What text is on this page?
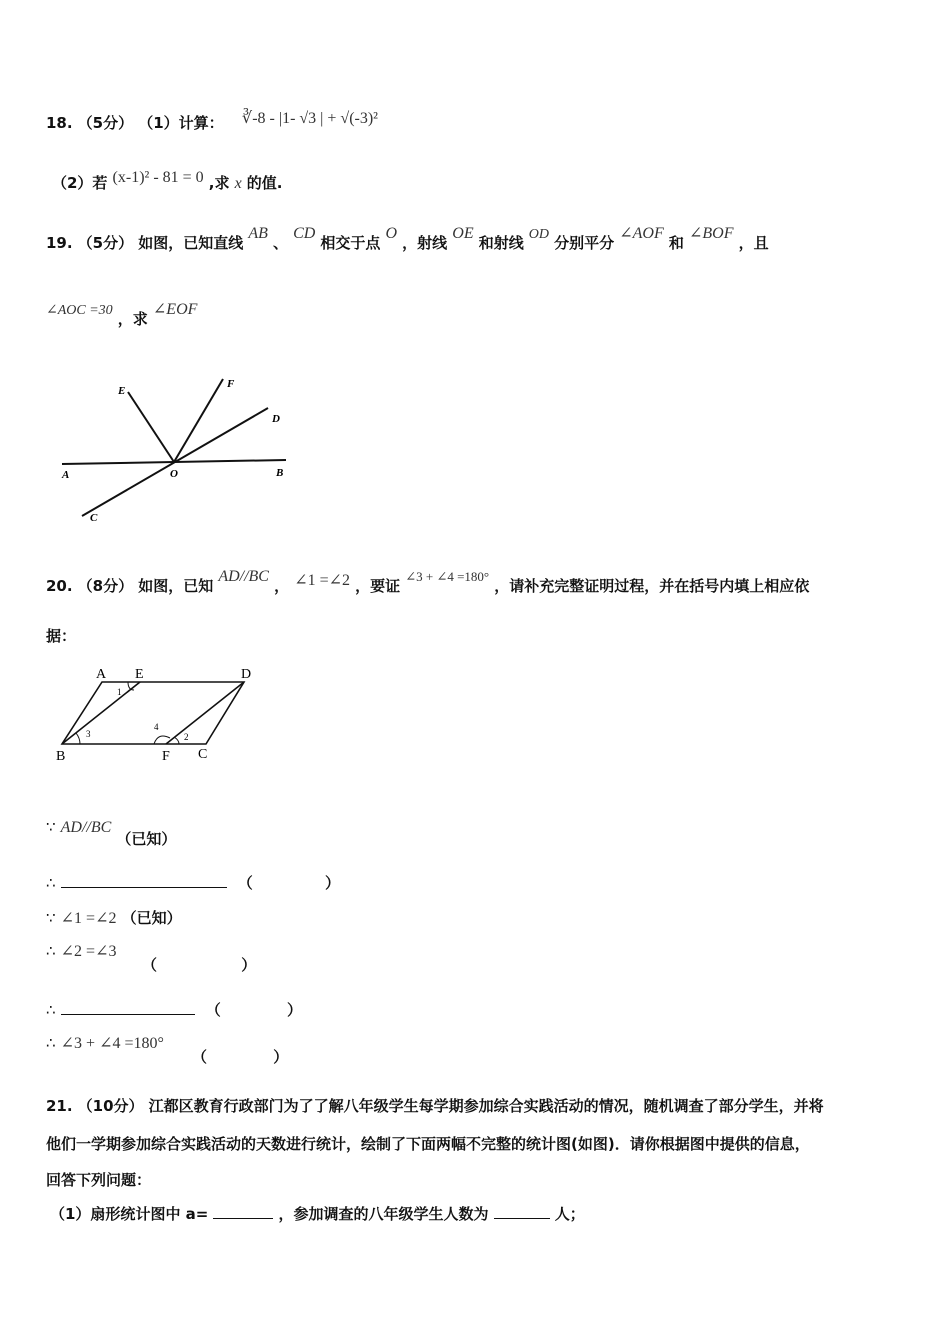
18. （5分） （1）计算： ∛-8 - |1- √3 | + √(-3)²
（2）若 (x-1)² - 81 = 0 ,求 x 的值.
19. （5分） 如图，已知直线 AB 、 CD 相交于点 O ，射线 OE 和射线 OD 分别平分 ∠AOF 和 ∠BOF ，且
∠AOC =30 ，求 ∠EOF
A	B
C
D
E
F
O
20. （8分） 如图，已知 AD//BC ， ∠1 =∠2 ，要证 $^{\angle 3 + \angle 4 =180^\circ}$ ，请补充完整证明过程，并在括号内填上相应依
据：
A E	D
B	F C
1
2
3
4
∵ AD//BC （已知）
∴	（	）
∵ ∠1 =∠2 （已知）
∴ ∠2 =∠3
（	）
∴	（	）
∴ ∠3 + ∠4 =180°
（	）
21. （10分） 江都区教育行政部门为了了解八年级学生每学期参加综合实践活动的情况，随机调查了部分学生，并将
他们一学期参加综合实践活动的天数进行统计，绘制了下面两幅不完整的统计图(如图)．请你根据图中提供的信息，
回答下列问题：
（1）扇形统计图中 a=	，参加调查的八年级学生人数为	人；
